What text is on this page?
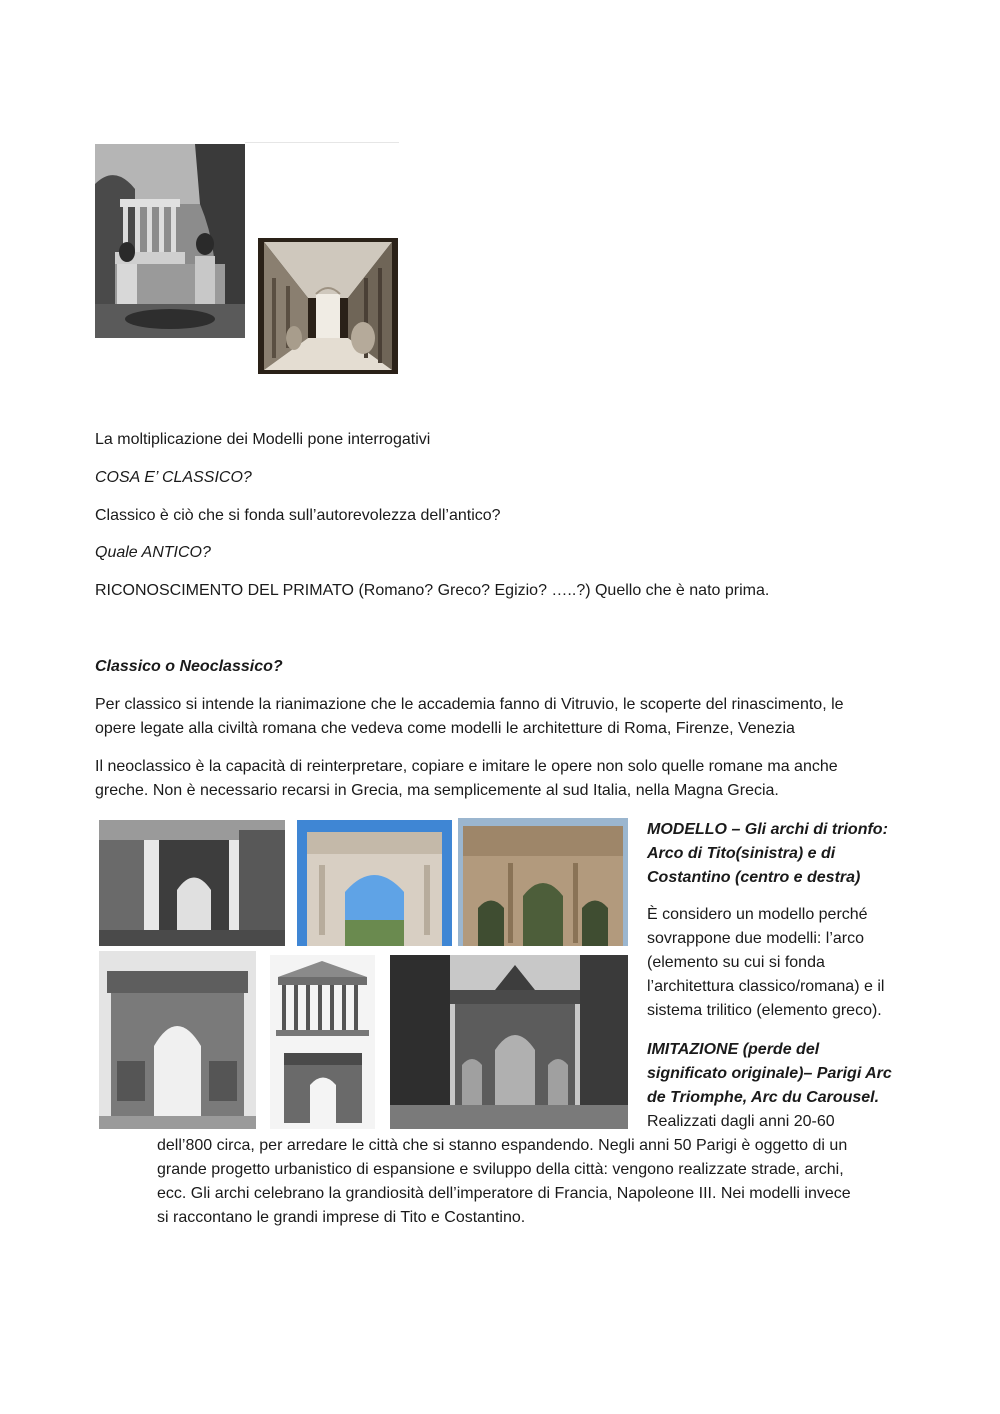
La moltiplicazione dei Modelli pone interrogativi

COSA E’ CLASSICO?

Classico è ciò che si fonda sull’autorevolezza dell’antico?

Quale ANTICO?

RICONOSCIMENTO DEL PRIMATO (Romano? Greco? Egizio? …..?) Quello che è nato prima.

Classico o Neoclassico?

Per classico si intende la rianimazione che le accademia fanno di Vitruvio, le scoperte del rinascimento, le

opere legate alla civiltà romana che vedeva come modelli le architetture di Roma, Firenze, Venezia

Il neoclassico è la capacità di reinterpretare, copiare e imitare le opere non solo quelle romane ma anche

greche. Non è necessario recarsi in Grecia, ma semplicemente al sud Italia, nella Magna Grecia.

MODELLO – Gli archi di trionfo:

Arco di Tito(sinistra) e di

Costantino (centro e destra)

È considero un modello perché

sovrappone due modelli: l’arco

(elemento su cui si fonda

l’architettura classico/romana) e il

sistema trilitico (elemento greco).

IMITAZIONE (perde del

significato originale)– Parigi Arc

de Triomphe, Arc du Carousel.

Realizzati dagli anni 20-60

dell’800 circa, per arredare le città che si stanno espandendo. Negli anni 50 Parigi è oggetto di un

grande progetto urbanistico di espansione e sviluppo della città: vengono realizzate strade, archi,

ecc. Gli archi celebrano la grandiosità dell’imperatore di Francia, Napoleone III. Nei modelli invece

si raccontano le grandi imprese di Tito e Costantino.
